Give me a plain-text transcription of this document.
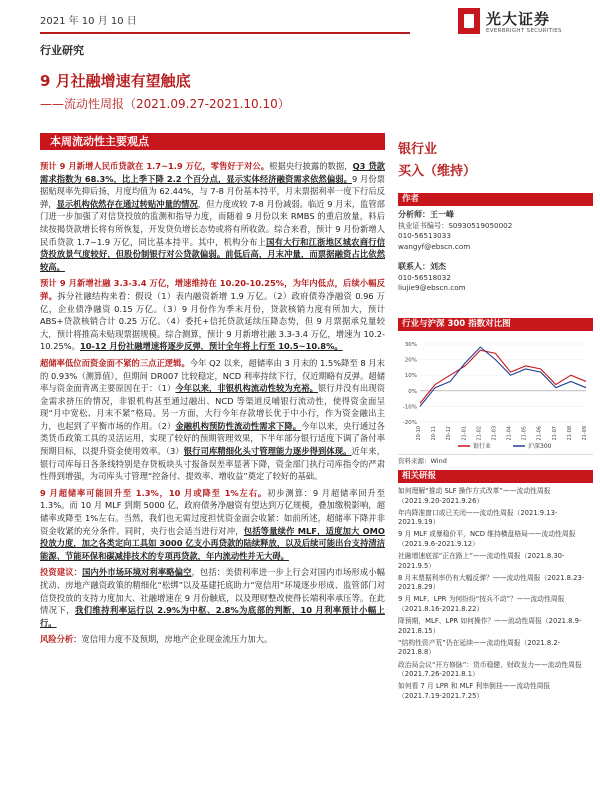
2021 年 10 月 10 日	光大证券
EVERBRIGHT SECURITIES
行业研究
9 月社融增速有望触底
——流动性周报（2021.09.27-2021.10.10）
本周流动性主要观点

预计 9 月新增人民币贷款在 1.7~1.9 万亿，零售好于对公。根据央行披露的数据，Q3 贷款需求指数为 68.3%，比上季下降 2.2 个百分点，显示实体经济融资需求依然偏弱。9 月份票据贴现率先抑后扬，月度均值为 62.44%，与 7-8 月份基本持平，月末票据利率一度下行后反弹，显示机构依然存在通过转贴冲量的情况，但力度或较 7-8 月份减弱。临近 9 月末，监管部门进一步加强了对信贷投放的监测和指导力度，而随着 9 月份以来 RMBS 的重启放量，料后续按揭贷款增长将有所恢复，开发贷负增长态势或将有所收敛。综合来看，预计 9 月份新增人民币贷款 1.7~1.9 万亿，同比基本持平。其中，机构分布上国有大行和江浙地区城农商行信贷投放景气度较好，但股份制银行对公贷款偏弱。前低后高，月末冲量，而票据融资占比依然较高。

预计 9 月新增社融 3.3-3.4 万亿，增速维持在 10.20-10.25%，为年内低点，后续小幅反弹。拆分社融结构来看：假设（1）表内融资新增 1.9 万亿。（2）政府债券净融资 0.96 万亿，企业债净融资 0.15 万亿。（3）9 月份作为季末月份，贷款核销力度有所加大，预计 ABS+贷款核销合计 0.25 万亿。（4）委托+信托贷款延续压降态势，但 9 月票据承兑量较大，预计将推高未贴现票据规模。综合测算，预计 9 月新增社融 3.3-3.4 万亿，增速为 10.2-10.25%。10-12 月份社融增速将逐步反弹，预计全年将上行至 10.5~10.8%。

超储率低位而资金面不紧的三点正逻辑。今年 Q2 以来，超储率由 3 月末的 1.5%降至 8 月末的 0.93%（测算值），但期间 DR007 比较稳定，NCD 利率持续下行，仅近期略有反弹。超储率与资金面背离主要原因在于：（1）今年以来，非银机构流动性较为充裕。银行并没有出现资金需求挤压的情况，非银机构甚至通过融出、NCD 等渠道反哺银行流动性，使得资金面呈现“月中宽松、月末不紧”格局。另一方面，大行今年存款增长优于中小行，作为资金融出主力，也起到了平衡市场的作用。（2）金融机构预防性流动性需求下降。今年以来，央行通过各类货币政策工具的灵活运用，实现了较好的预期管理效果，下半年部分银行适度下调了备付率预期目标，以提升资金使用效率。（3）银行司库精细化头寸管理能力逐步得到体现。近年来，银行司库每日各条线特别是存贷板块头寸报备误差率显著下降，资金部门执行司库指令的严肃性得到增强，为司库头寸管理“控备付、提效率、增收益”奠定了较好的基础。

9 月超储率可能回升至 1.3%，10 月或降至 1%左右。初步测算：9 月超储率回升至 1.3%。而 10 月 MLF 到期 5000 亿，政府债务净融资有望达到万亿规模，叠加缴税影响，超储率或降至 1%左右。当然，我们也无需过度担忧资金面会收紧：如前所述，超储率下降并非资金收紧的充分条件。同时，央行也会适当进行对冲，包括等量续作 MLF，适度加大 OMO 投放力度，加之各类定向工具如 3000 亿支小再贷款的陆续释放，以及后续可能出台支持清洁能源、节能环保和碳减排技术的专项再贷款，年内流动性并无大碍。

投资建议：国内外市场环境对利率略偏空，包括：美债利率进一步上行会对国内市场形成小幅扰动、房地产融资政策的精细化“松绑”以及基建托底助力“宽信用”环境逐步形成、监管部门对信贷投放的支持力度加大、社融增速在 9 月份触底，以及理财整改使得长端利率承压等。在此情况下，我们维持利率运行以 2.9%为中枢、2.8%为底部的判断，10 月利率预计小幅上行。

风险分析：宽信用力度不及预期，房地产企业现金流压力加大。

银行业
买入（维持）
作者
分析师：王一峰
执业证书编号：S0930519050002
010-56513033
wangyf@ebscn.com
联系人：刘杰
010-56518032
liujie9@ebscn.com
行业与沪深 300 指数对比图
30%
20%
10%
0%
-10%
-20%
20-10 20-11 20-12 21-01 21-02 21-03 21-04 21-05 21-06 21-07 21-08 21-09
银行业	沪深300
资料来源：Wind
相关研报
如何理解“推动 SLF 操作方式改革”——流动性周报（2021.9.20-2021.9.26）
年内降准窗口或已关闭——流动性周报（2021.9.13-2021.9.19）
9 月 MLF 或暴稳价平，NCD 维持横盘格局——流动性周报（2021.9.6-2021.9.12）
社融增速底部“正在路上”——流动性周报（2021.8.30-2021.9.5）
8 月末票据利率仍有大幅反弹？——流动性周报（2021.8.23-2021.8.29）
9 月 MLF、LPR 为何纷纷“按兵不动”？——流动性周报（2021.8.16-2021.8.22）
降预期，MLF、LPR 如何操作？——流动性周报（2021.8.9-2021.8.15）
“结构性资产荒”仍在延续——流动性周报（2021.8.2-2021.8.8）
政治局会议“开方修脉”：货币稳健、财政发力——流动性周报（2021.7.26-2021.8.1）
如何看 7 月 LPR 和 MLF 利率倒挂——流动性周报（2021.7.19-2021.7.25）
